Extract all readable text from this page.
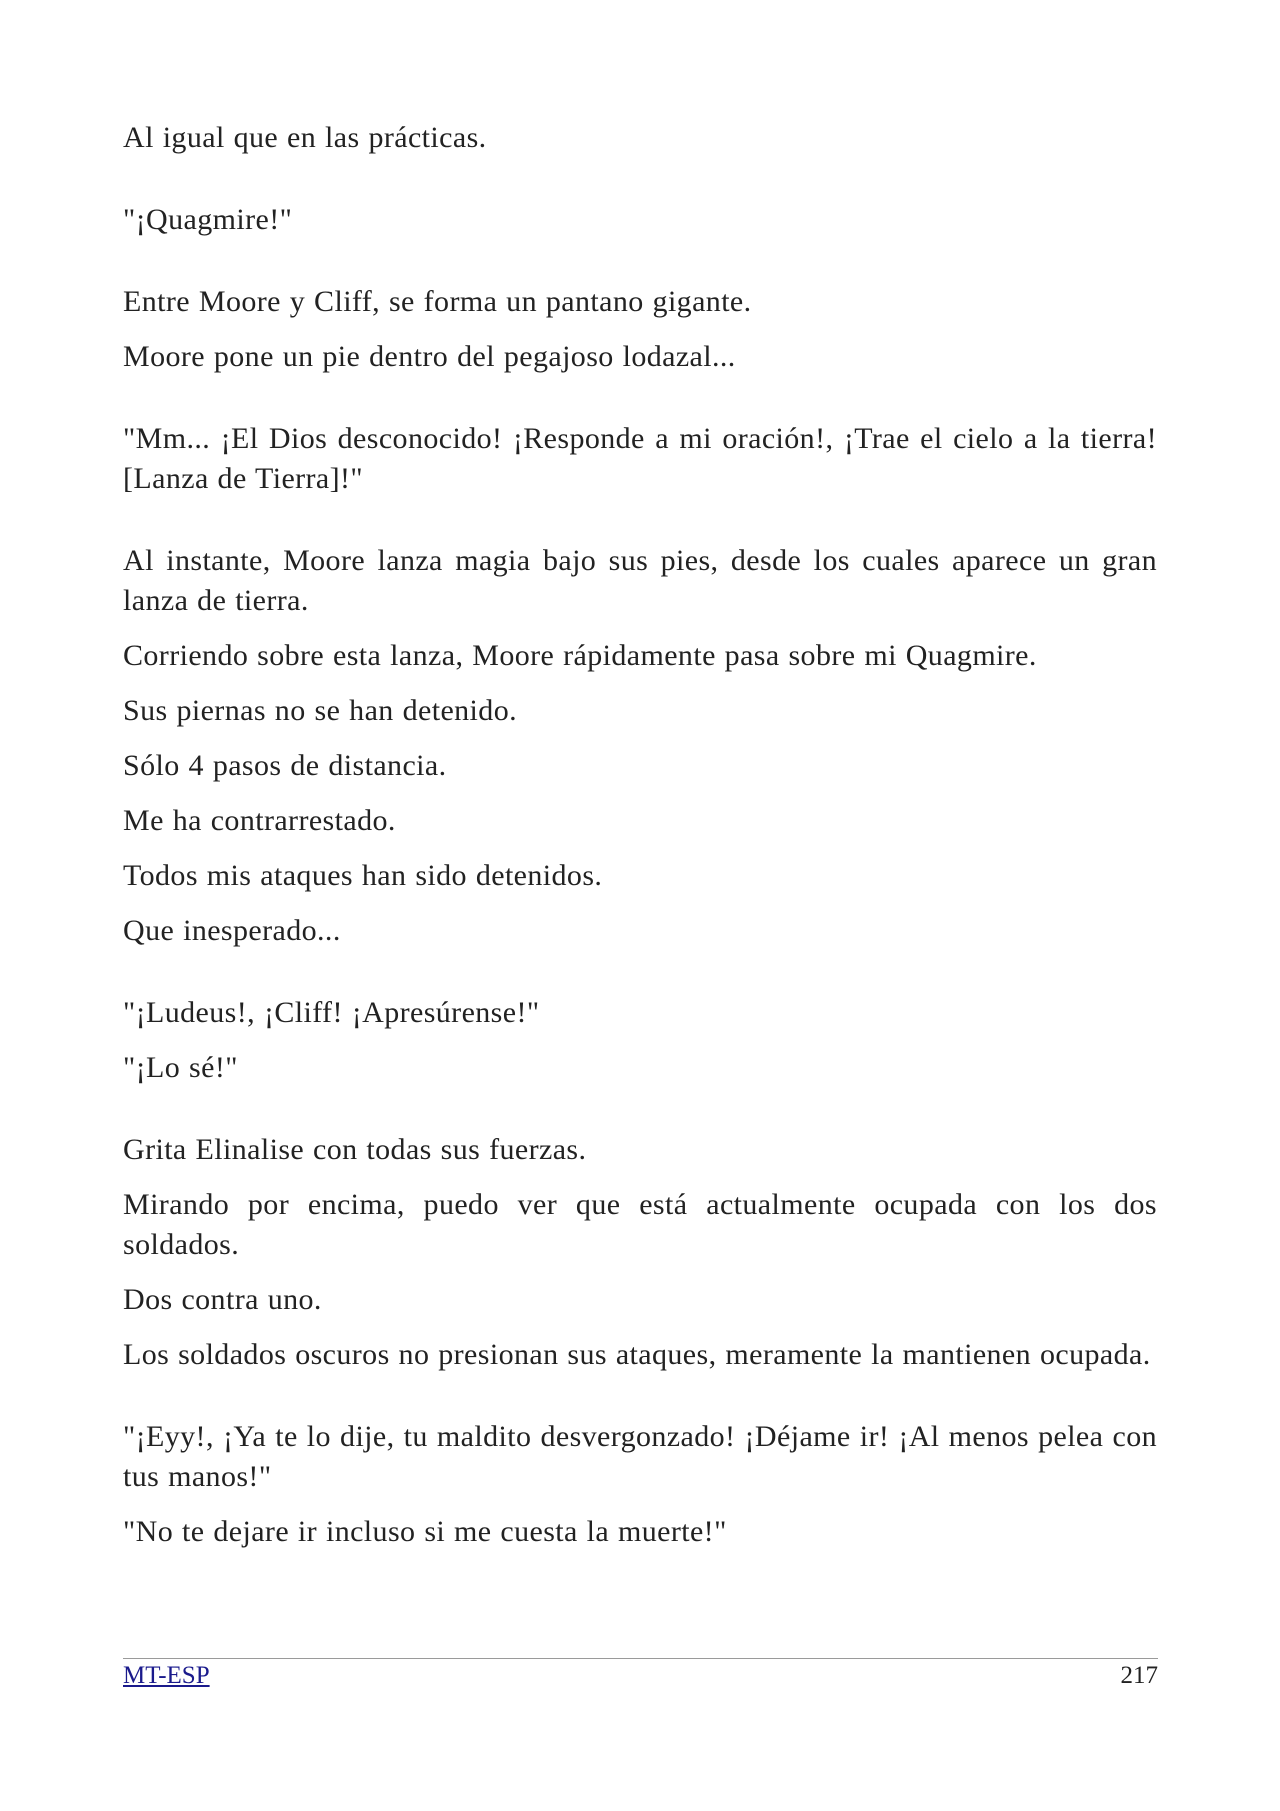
Al igual que en las prácticas.

"¡Quagmire!"

Entre Moore y Cliff, se forma un pantano gigante.

Moore pone un pie dentro del pegajoso lodazal...

"Mm... ¡El Dios desconocido! ¡Responde a mi oración!, ¡Trae el cielo a la tierra! [Lanza de Tierra]!"

Al instante, Moore lanza magia bajo sus pies, desde los cuales aparece un gran lanza de tierra.

Corriendo sobre esta lanza, Moore rápidamente pasa sobre mi Quagmire.

Sus piernas no se han detenido.

Sólo 4 pasos de distancia.

Me ha contrarrestado.

Todos mis ataques han sido detenidos.

Que inesperado...

"¡Ludeus!, ¡Cliff! ¡Apresúrense!"

"¡Lo sé!"

Grita Elinalise con todas sus fuerzas.

Mirando por encima, puedo ver que está actualmente ocupada con los dos soldados.

Dos contra uno.

Los soldados oscuros no presionan sus ataques, meramente la mantienen ocupada.

"¡Eyy!, ¡Ya te lo dije, tu maldito desvergonzado! ¡Déjame ir! ¡Al menos pelea con tus manos!"

"No te dejare ir incluso si me cuesta la muerte!"

MT-ESP	217
